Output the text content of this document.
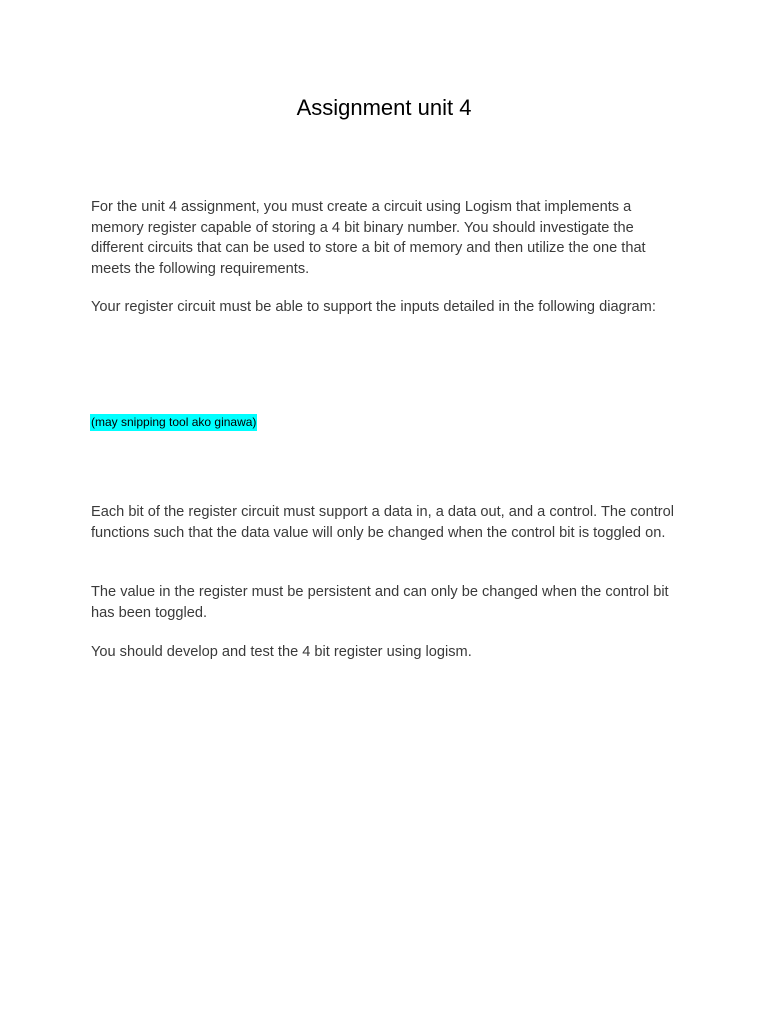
Assignment unit 4

For the unit 4 assignment, you must create a circuit using Logism that implements a memory register capable of storing a 4 bit binary number. You should investigate the different circuits that can be used to store a bit of memory and then utilize the one that meets the following requirements.

Your register circuit must be able to support the inputs detailed in the following diagram:

(may snipping tool ako ginawa)

Each bit of the register circuit must support a data in, a data out, and a control. The control functions such that the data value will only be changed when the control bit is toggled on.

The value in the register must be persistent and can only be changed when the control bit has been toggled.

You should develop and test the 4 bit register using logism.
